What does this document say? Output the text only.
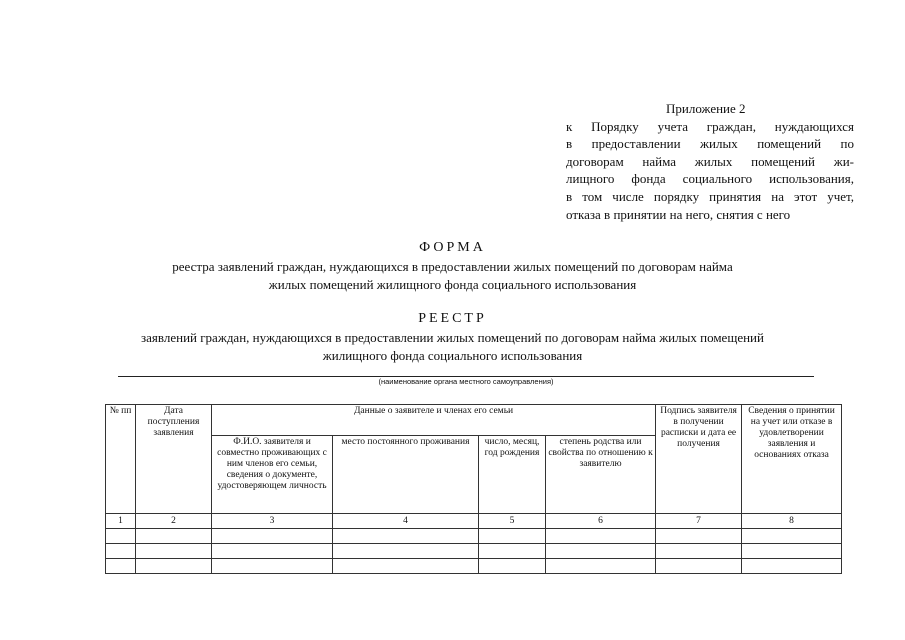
Приложение 2
к Порядку учета граждан, нуждающихся
в предоставлении жилых помещений по
договорам найма жилых помещений жи-
лищного фонда социального использования,
в том числе порядку принятия на этот учет,
отказа в принятии на него, снятия с него
ФОРМА
реестра заявлений граждан, нуждающихся в предоставлении жилых помещений по договорам найма
жилых помещений жилищного фонда социального использования
РЕЕСТР
заявлений граждан, нуждающихся в предоставлении жилых помещений по договорам найма жилых помещений
жилищного фонда социального использования
(наименование органа местного самоуправления)
№ пп	Дата поступления заявления	Данные о заявителе и членах его семьи				Подпись заявителя в получении расписки и дата ее получения	Сведения о принятии на учет или отказе в удовлетворении заявления и основаниях отказа
		Ф.И.О. заявителя и совместно проживающих с ним членов его семьи, сведения о документе, удостоверяющем личность	место постоянного проживания	число, месяц, год рождения	степень родства или свойства по отношению к заявителю		
1	2	3	4	5	6	7	8
